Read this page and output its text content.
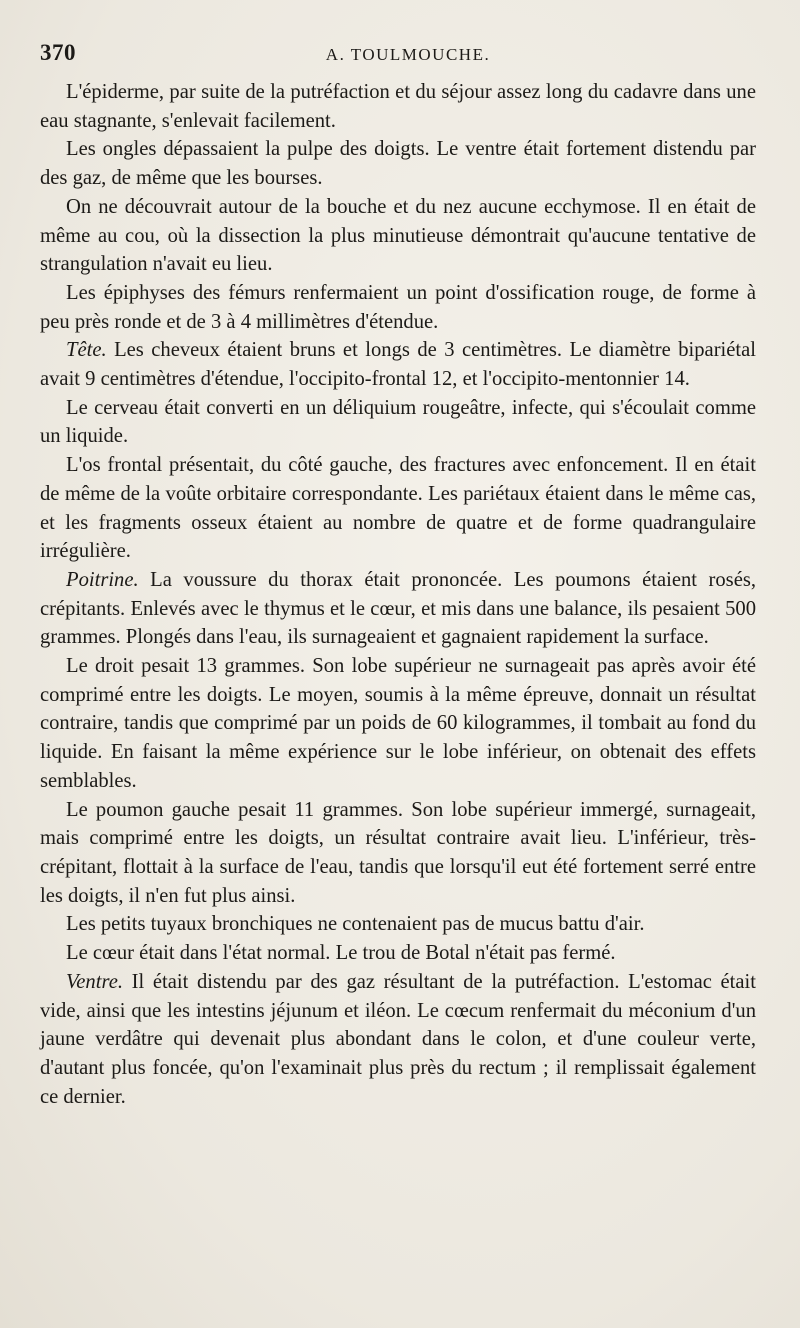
370	A. TOULMOUCHE.

L'épiderme, par suite de la putréfaction et du séjour assez long du cadavre dans une eau stagnante, s'enlevait facilement.

Les ongles dépassaient la pulpe des doigts. Le ventre était fortement distendu par des gaz, de même que les bourses.

On ne découvrait autour de la bouche et du nez aucune ecchymose. Il en était de même au cou, où la dissection la plus minutieuse démontrait qu'aucune tentative de strangulation n'avait eu lieu.

Les épiphyses des fémurs renfermaient un point d'ossification rouge, de forme à peu près ronde et de 3 à 4 millimètres d'étendue.

Tête. Les cheveux étaient bruns et longs de 3 centimètres. Le diamètre bipariétal avait 9 centimètres d'étendue, l'occipito-frontal 12, et l'occipito-mentonnier 14.

Le cerveau était converti en un déliquium rougeâtre, infecte, qui s'écoulait comme un liquide.

L'os frontal présentait, du côté gauche, des fractures avec enfoncement. Il en était de même de la voûte orbitaire correspondante. Les pariétaux étaient dans le même cas, et les fragments osseux étaient au nombre de quatre et de forme quadrangulaire irrégulière.

Poitrine. La voussure du thorax était prononcée. Les poumons étaient rosés, crépitants. Enlevés avec le thymus et le cœur, et mis dans une balance, ils pesaient 500 grammes. Plongés dans l'eau, ils surnageaient et gagnaient rapidement la surface.

Le droit pesait 13 grammes. Son lobe supérieur ne surnageait pas après avoir été comprimé entre les doigts. Le moyen, soumis à la même épreuve, donnait un résultat contraire, tandis que comprimé par un poids de 60 kilogrammes, il tombait au fond du liquide. En faisant la même expérience sur le lobe inférieur, on obtenait des effets semblables.

Le poumon gauche pesait 11 grammes. Son lobe supérieur immergé, surnageait, mais comprimé entre les doigts, un résultat contraire avait lieu. L'inférieur, très-crépitant, flottait à la surface de l'eau, tandis que lorsqu'il eut été fortement serré entre les doigts, il n'en fut plus ainsi.

Les petits tuyaux bronchiques ne contenaient pas de mucus battu d'air.

Le cœur était dans l'état normal. Le trou de Botal n'était pas fermé.

Ventre. Il était distendu par des gaz résultant de la putréfaction. L'estomac était vide, ainsi que les intestins jéjunum et iléon. Le cœcum renfermait du méconium d'un jaune verdâtre qui devenait plus abondant dans le colon, et d'une couleur verte, d'autant plus foncée, qu'on l'examinait plus près du rectum ; il remplissait également ce dernier.
